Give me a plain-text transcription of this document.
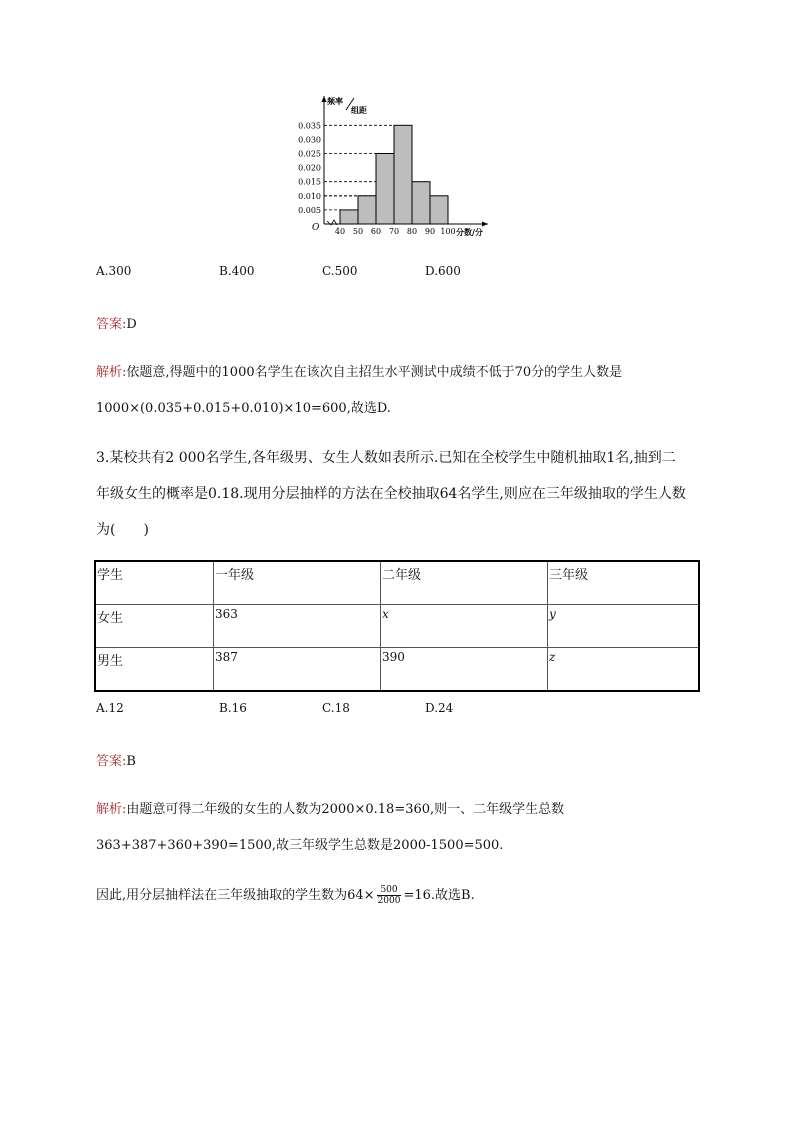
0.005
0.010
0.015
0.020
0.025
0.030
0.035
40 50 60 70 80 90 100
O
频率
组距
分数/分
A.300	B.400	C.500	D.600
答案:D
解析:依题意,得题中的1000名学生在该次自主招生水平测试中成绩不低于70分的学生人数是
1000×(0.035+0.015+0.010)×10=600,故选D.
3.某校共有2 000名学生,各年级男、女生人数如表所示.已知在全校学生中随机抽取1名,抽到二
年级女生的概率是0.18.现用分层抽样的方法在全校抽取64名学生,则应在三年级抽取的学生人数
为(　　)
学生	一年级	二年级	三年级
女生	363	x	y
男生	387	390	z
A.12	B.16	C.18	D.24
答案:B
解析:由题意可得二年级的女生的人数为2000×0.18=360,则一、二年级学生总数
363+387+360+390=1500,故三年级学生总数是2000-1500=500.
因此,用分层抽样法在三年级抽取的学生数为$64\times \frac{500}{2000} =16$.故选B.
